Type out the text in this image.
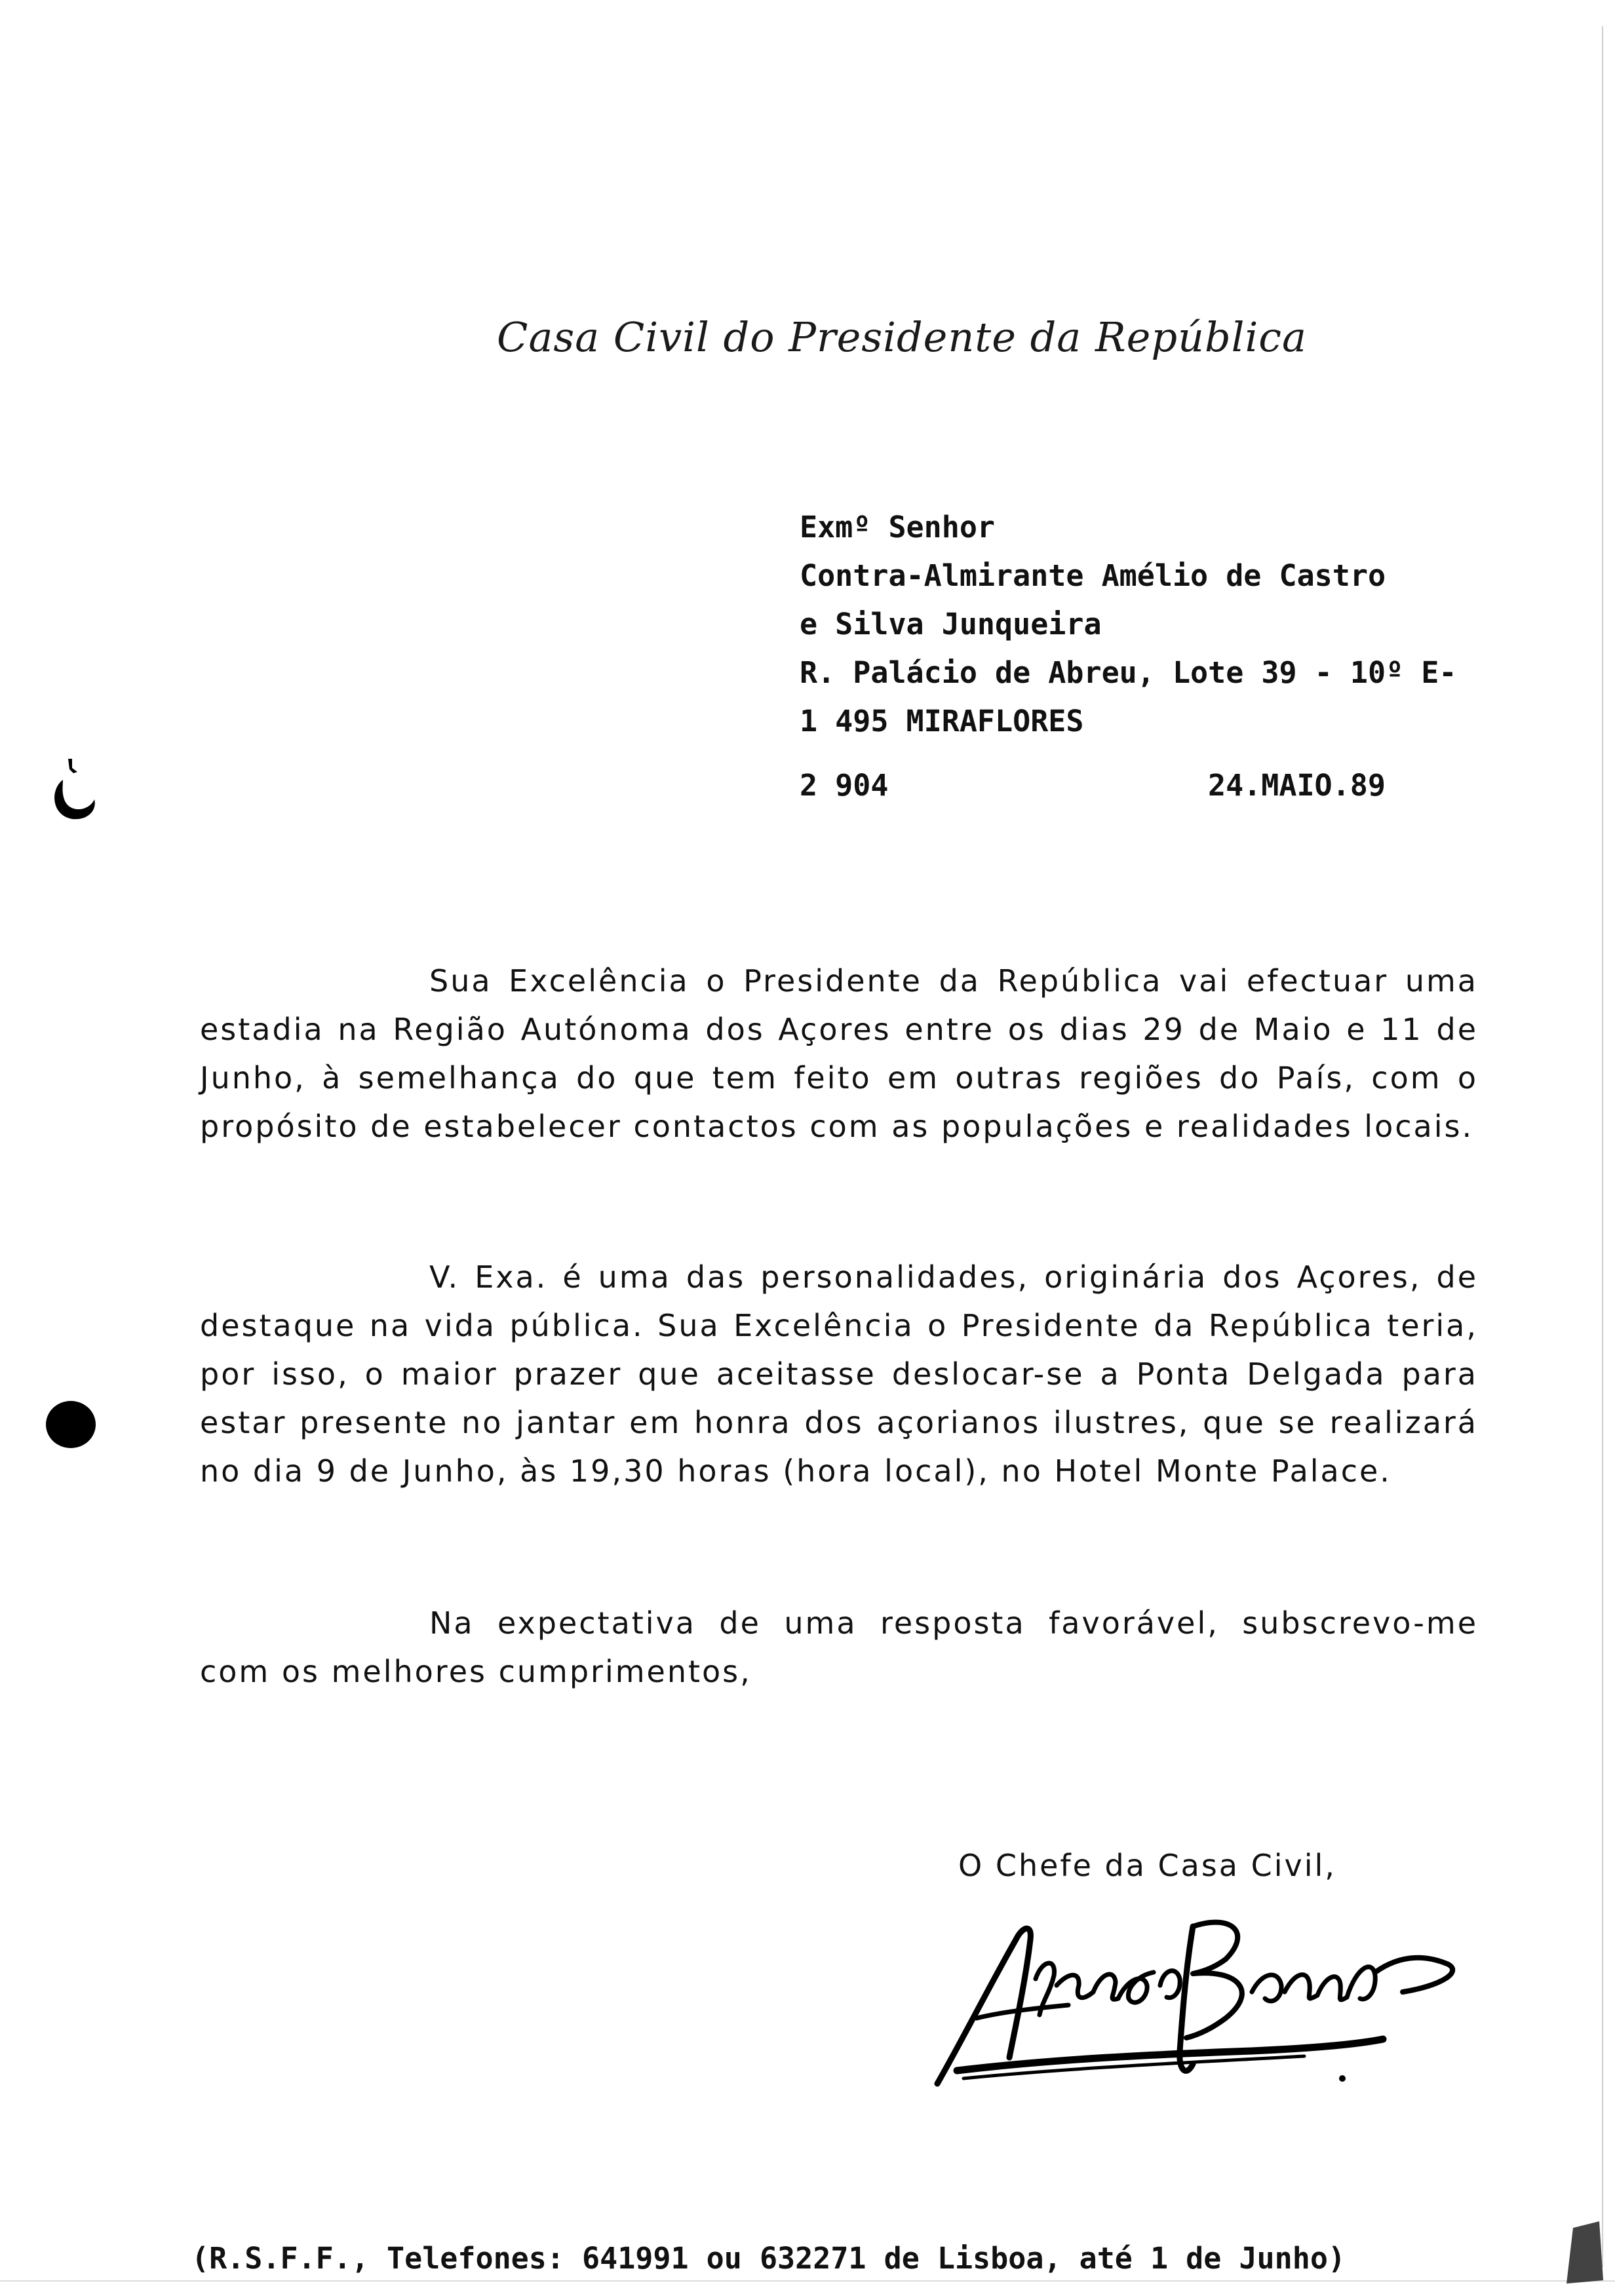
Casa Civil do Presidente da República
Exmº Senhor
Contra-Almirante Amélio de Castro
e Silva Junqueira
R. Palácio de Abreu, Lote 39 - 10º E-
1 495 MIRAFLORES
2 904	24.MAIO.89

Sua Excelência o Presidente da República vai efectuar uma estadia na Região Autónoma dos Açores entre os dias 29 de Maio e 11 de Junho, à semelhança do que tem feito em outras regiões do País, com o propósito de estabelecer contactos com as populações e realidades locais.

V. Exa. é uma das personalidades, originária dos Açores, de destaque na vida pública. Sua Excelência o Presidente da República teria, por isso, o maior prazer que aceitasse deslocar-se a Ponta Delgada para estar presente no jantar em honra dos açorianos ilustres, que se realizará no dia 9 de Junho, às 19,30 horas (hora local), no Hotel Monte Palace.

Na expectativa de uma resposta favorável, subscrevo-me com os melhores cumprimentos,

O Chefe da Casa Civil,
(R.S.F.F., Telefones: 641991 ou 632271 de Lisboa, até 1 de Junho)
